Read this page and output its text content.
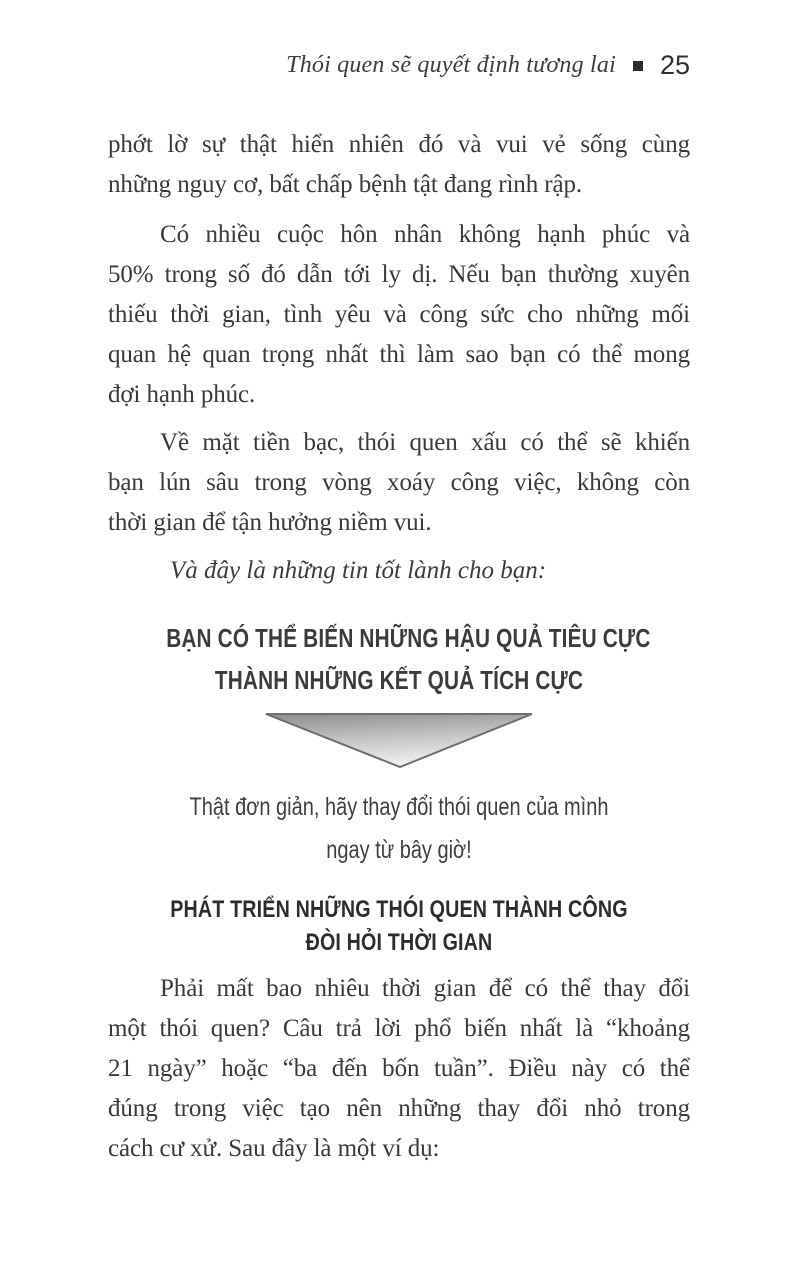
Thói quen sẽ quyết định tương lai 25
phớt lờ sự thật hiển nhiên đó và vui vẻ sống cùng
những nguy cơ, bất chấp bệnh tật đang rình rập.
Có nhiều cuộc hôn nhân không hạnh phúc và
50% trong số đó dẫn tới ly dị. Nếu bạn thường xuyên
thiếu thời gian, tình yêu và công sức cho những mối
quan hệ quan trọng nhất thì làm sao bạn có thể mong
đợi hạnh phúc.
Về mặt tiền bạc, thói quen xấu có thể sẽ khiến
bạn lún sâu trong vòng xoáy công việc, không còn
thời gian để tận hưởng niềm vui.

Và đây là những tin tốt lành cho bạn:

BẠN CÓ THỂ BIẾN NHỮNG HẬU QUẢ TIÊU CỰC
THÀNH NHỮNG KẾT QUẢ TÍCH CỰC
Thật đơn giản, hãy thay đổi thói quen của mình
ngay từ bây giờ!
PHÁT TRIỂN NHỮNG THÓI QUEN THÀNH CÔNG
ĐÒI HỎI THỜI GIAN
Phải mất bao nhiêu thời gian để có thể thay đổi
một thói quen? Câu trả lời phổ biến nhất là “khoảng
21 ngày” hoặc “ba đến bốn tuần”. Điều này có thể
đúng trong việc tạo nên những thay đổi nhỏ trong
cách cư xử. Sau đây là một ví dụ:
